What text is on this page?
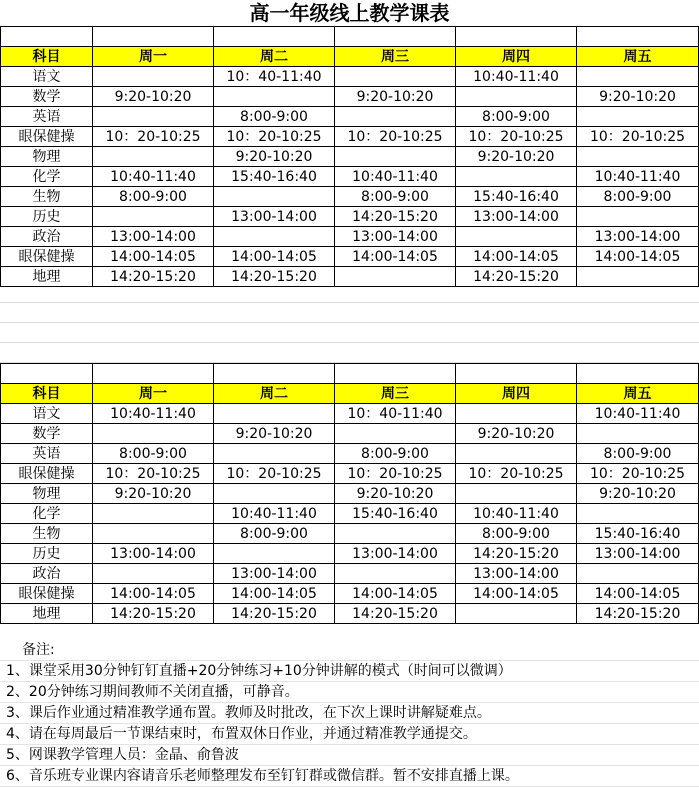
高一年级线上教学课表

科目	周一	周二	周三	周四	周五
语文		10：40-11:40		10:40-11:40	
数学	9:20-10:20		9:20-10:20		9:20-10:20
英语		8:00-9:00		8:00-9:00	
眼保健操	10：20-10:25	10：20-10:25	10：20-10:25	10：20-10:25	10：20-10:25
物理		9:20-10:20		9:20-10:20	
化学	10:40-11:40	15:40-16:40	10:40-11:40		10:40-11:40
生物	8:00-9:00		8:00-9:00	15:40-16:40	8:00-9:00
历史		13:00-14:00	14:20-15:20	13:00-14:00	
政治	13:00-14:00		13:00-14:00		13:00-14:00
眼保健操	14:00-14:05	14:00-14:05	14:00-14:05	14:00-14:05	14:00-14:05
地理	14:20-15:20	14:20-15:20		14:20-15:20	

科目	周一	周二	周三	周四	周五
语文	10:40-11:40		10：40-11:40		10:40-11:40
数学		9:20-10:20		9:20-10:20	
英语	8:00-9:00		8:00-9:00		8:00-9:00
眼保健操	10：20-10:25	10：20-10:25	10：20-10:25	10：20-10:25	10：20-10:25
物理	9:20-10:20		9:20-10:20		9:20-10:20
化学		10:40-11:40	15:40-16:40	10:40-11:40	
生物		8:00-9:00		8:00-9:00	15:40-16:40
历史	13:00-14:00		13:00-14:00	14:20-15:20	13:00-14:00
政治		13:00-14:00		13:00-14:00	
眼保健操	14:00-14:05	14:00-14:05	14:00-14:05	14:00-14:05	14:00-14:05
地理	14:20-15:20	14:20-15:20	14:20-15:20		14:20-15:20
备注:
1、课堂采用30分钟钉钉直播+20分钟练习+10分钟讲解的模式（时间可以微调）
2、20分钟练习期间教师不关闭直播，可静音。
3、课后作业通过精准教学通布置。教师及时批改，在下次上课时讲解疑难点。
4、请在每周最后一节课结束时，布置双休日作业，并通过精准教学通提交。
5、网课教学管理人员：金晶、俞鲁波
6、音乐班专业课内容请音乐老师整理发布至钉钉群或微信群。暂不安排直播上课。
